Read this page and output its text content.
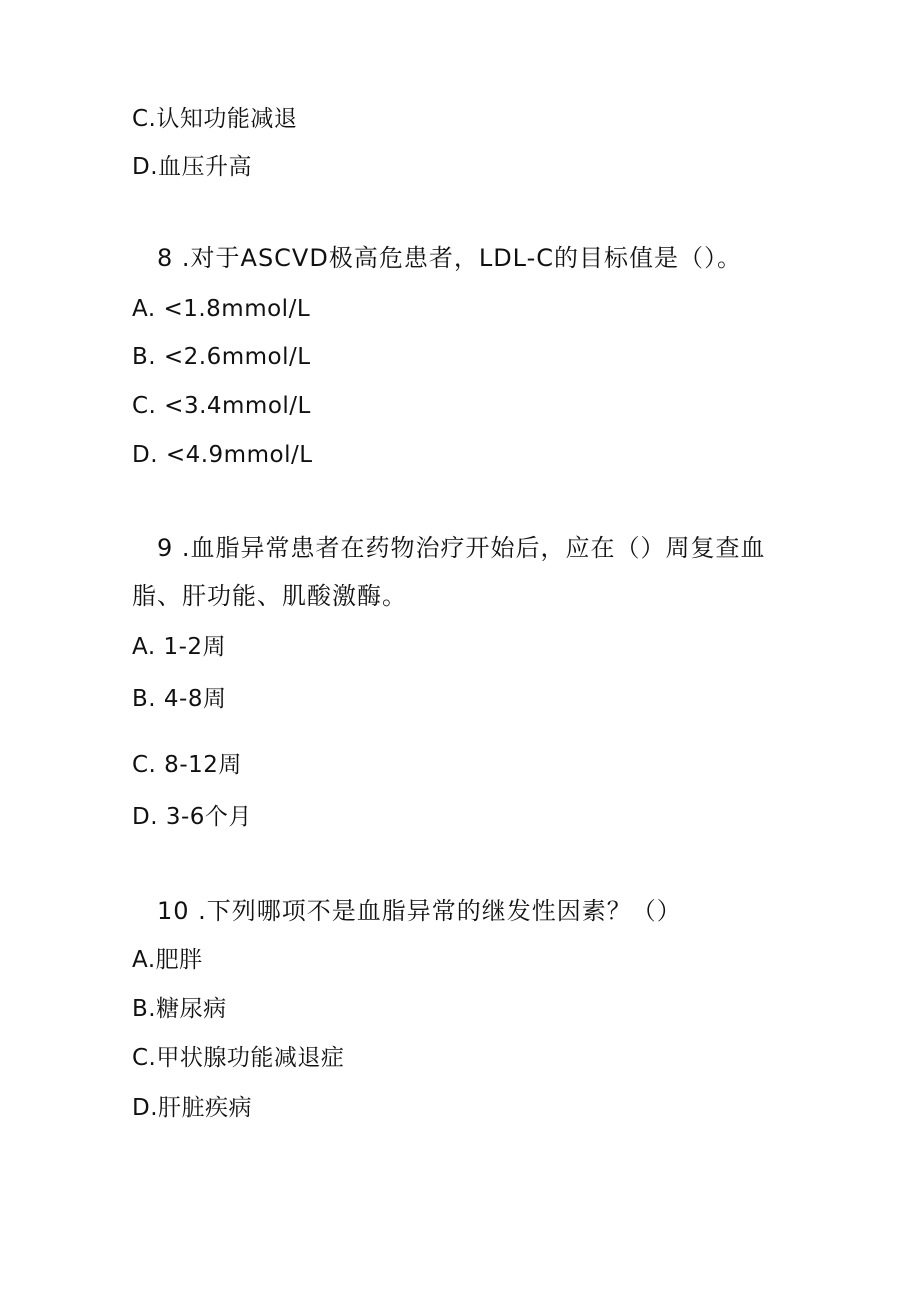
C.认知功能减退
D.血压升高
8 .对于ASCVD极高危患者，LDL-C的目标值是（）。
A. <1.8mmol/L
B. <2.6mmol/L
C. <3.4mmol/L
D. <4.9mmol/L
9 .血脂异常患者在药物治疗开始后，应在（）周复查血
脂、肝功能、肌酸激酶。
A. 1-2周
B. 4-8周
C. 8-12周
D. 3-6个月
10 .下列哪项不是血脂异常的继发性因素？（）
A.肥胖
B.糖尿病
C.甲状腺功能减退症
D.肝脏疾病
